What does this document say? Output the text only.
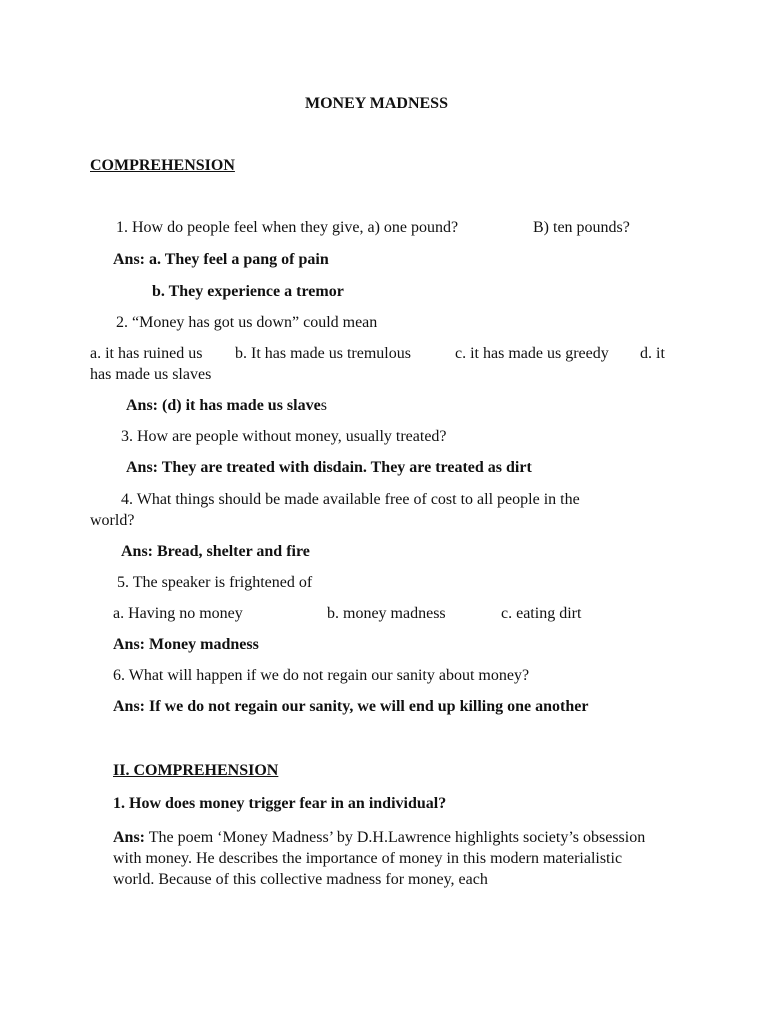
MONEY MADNESS
COMPREHENSION
1. How do people feel when they give, a) one pound?	B) ten pounds?
Ans: a. They feel a pang of pain
b. They experience a tremor
2. “Money has got us down” could mean
a. it has ruined us b. It has made us tremulous	c. it has made us greedy d. it
has made us slaves
Ans: (d) it has made us slaves
3. How are people without money, usually treated?
Ans: They are treated with disdain. They are treated as dirt
4. What things should be made available free of cost to all people in the
world?
Ans: Bread, shelter and fire
5. The speaker is frightened of
a. Having no money	b. money madness	c. eating dirt
Ans: Money madness
6. What will happen if we do not regain our sanity about money?
Ans: If we do not regain our sanity, we will end up killing one another
II. COMPREHENSION
1. How does money trigger fear in an individual?
Ans: The poem ‘Money Madness’ by D.H.Lawrence highlights society’s obsession with money. He describes the importance of money in this modern materialistic world. Because of this collective madness for money, each
